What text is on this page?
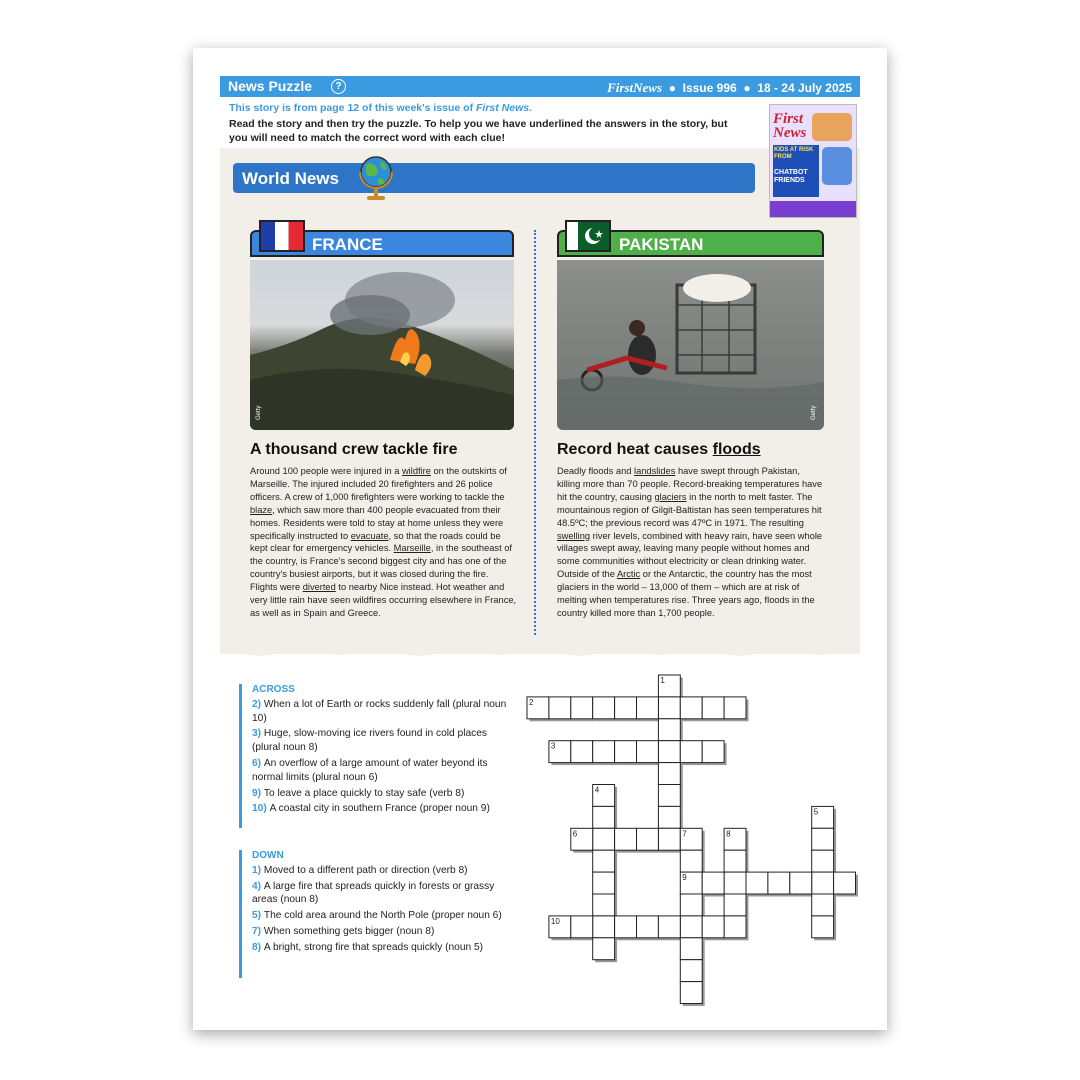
News Puzzle	?	FirstNews ● Issue 996 ● 18 - 24 July 2025
This story is from page 12 of this week's issue of First News.
Read the story and then try the puzzle. To help you we have underlined the answers in the story, but you will need to match the correct word with each clue!
First
News
KIDS AT RISK FROM
CHATBOT FRIENDS
World News
FRANCE	PAKISTAN
Getty	Getty
A thousand crew tackle fire	Record heat causes floods
Around 100 people were injured in a wildfire on the outskirts of Marseille. The injured included 20 firefighters and 26 police officers. A crew of 1,000 firefighters were working to tackle the blaze, which saw more than 400 people evacuated from their homes. Residents were told to stay at home unless they were specifically instructed to evacuate, so that the roads could be kept clear for emergency vehicles. Marseille, in the southeast of the country, is France's second biggest city and has one of the country's busiest airports, but it was closed during the fire. Flights were diverted to nearby Nice instead. Hot weather and very little rain have seen wildfires occurring elsewhere in France, as well as in Spain and Greece.
Deadly floods and landslides have swept through Pakistan, killing more than 70 people. Record-breaking temperatures have hit the country, causing glaciers in the north to melt faster. The mountainous region of Gilgit-Baltistan has seen temperatures hit 48.5ºC; the previous record was 47ºC in 1971. The resulting swelling river levels, combined with heavy rain, have seen whole villages swept away, leaving many people without homes and some communities without electricity or clean drinking water. Outside of the Arctic or the Antarctic, the country has the most glaciers in the world – 13,000 of them – which are at risk of melting when temperatures rise. Three years ago, floods in the country killed more than 1,700 people.
ACROSS

2) When a lot of Earth or rocks suddenly fall (plural noun 10)

3) Huge, slow-moving ice rivers found in cold places (plural noun 8)

6) An overflow of a large amount of water beyond its normal limits (plural noun 6)

9) To leave a place quickly to stay safe (verb 8)

10) A coastal city in southern France (proper noun 9)

DOWN

1) Moved to a different path or direction (verb 8)

4) A large fire that spreads quickly in forests or grassy areas (noun 8)

5) The cold area around the North Pole (proper noun 6)

7) When something gets bigger (noun 8)

8) A bright, strong fire that spreads quickly (noun 5)

1
2
3
4
5
6	7	8
9
10
